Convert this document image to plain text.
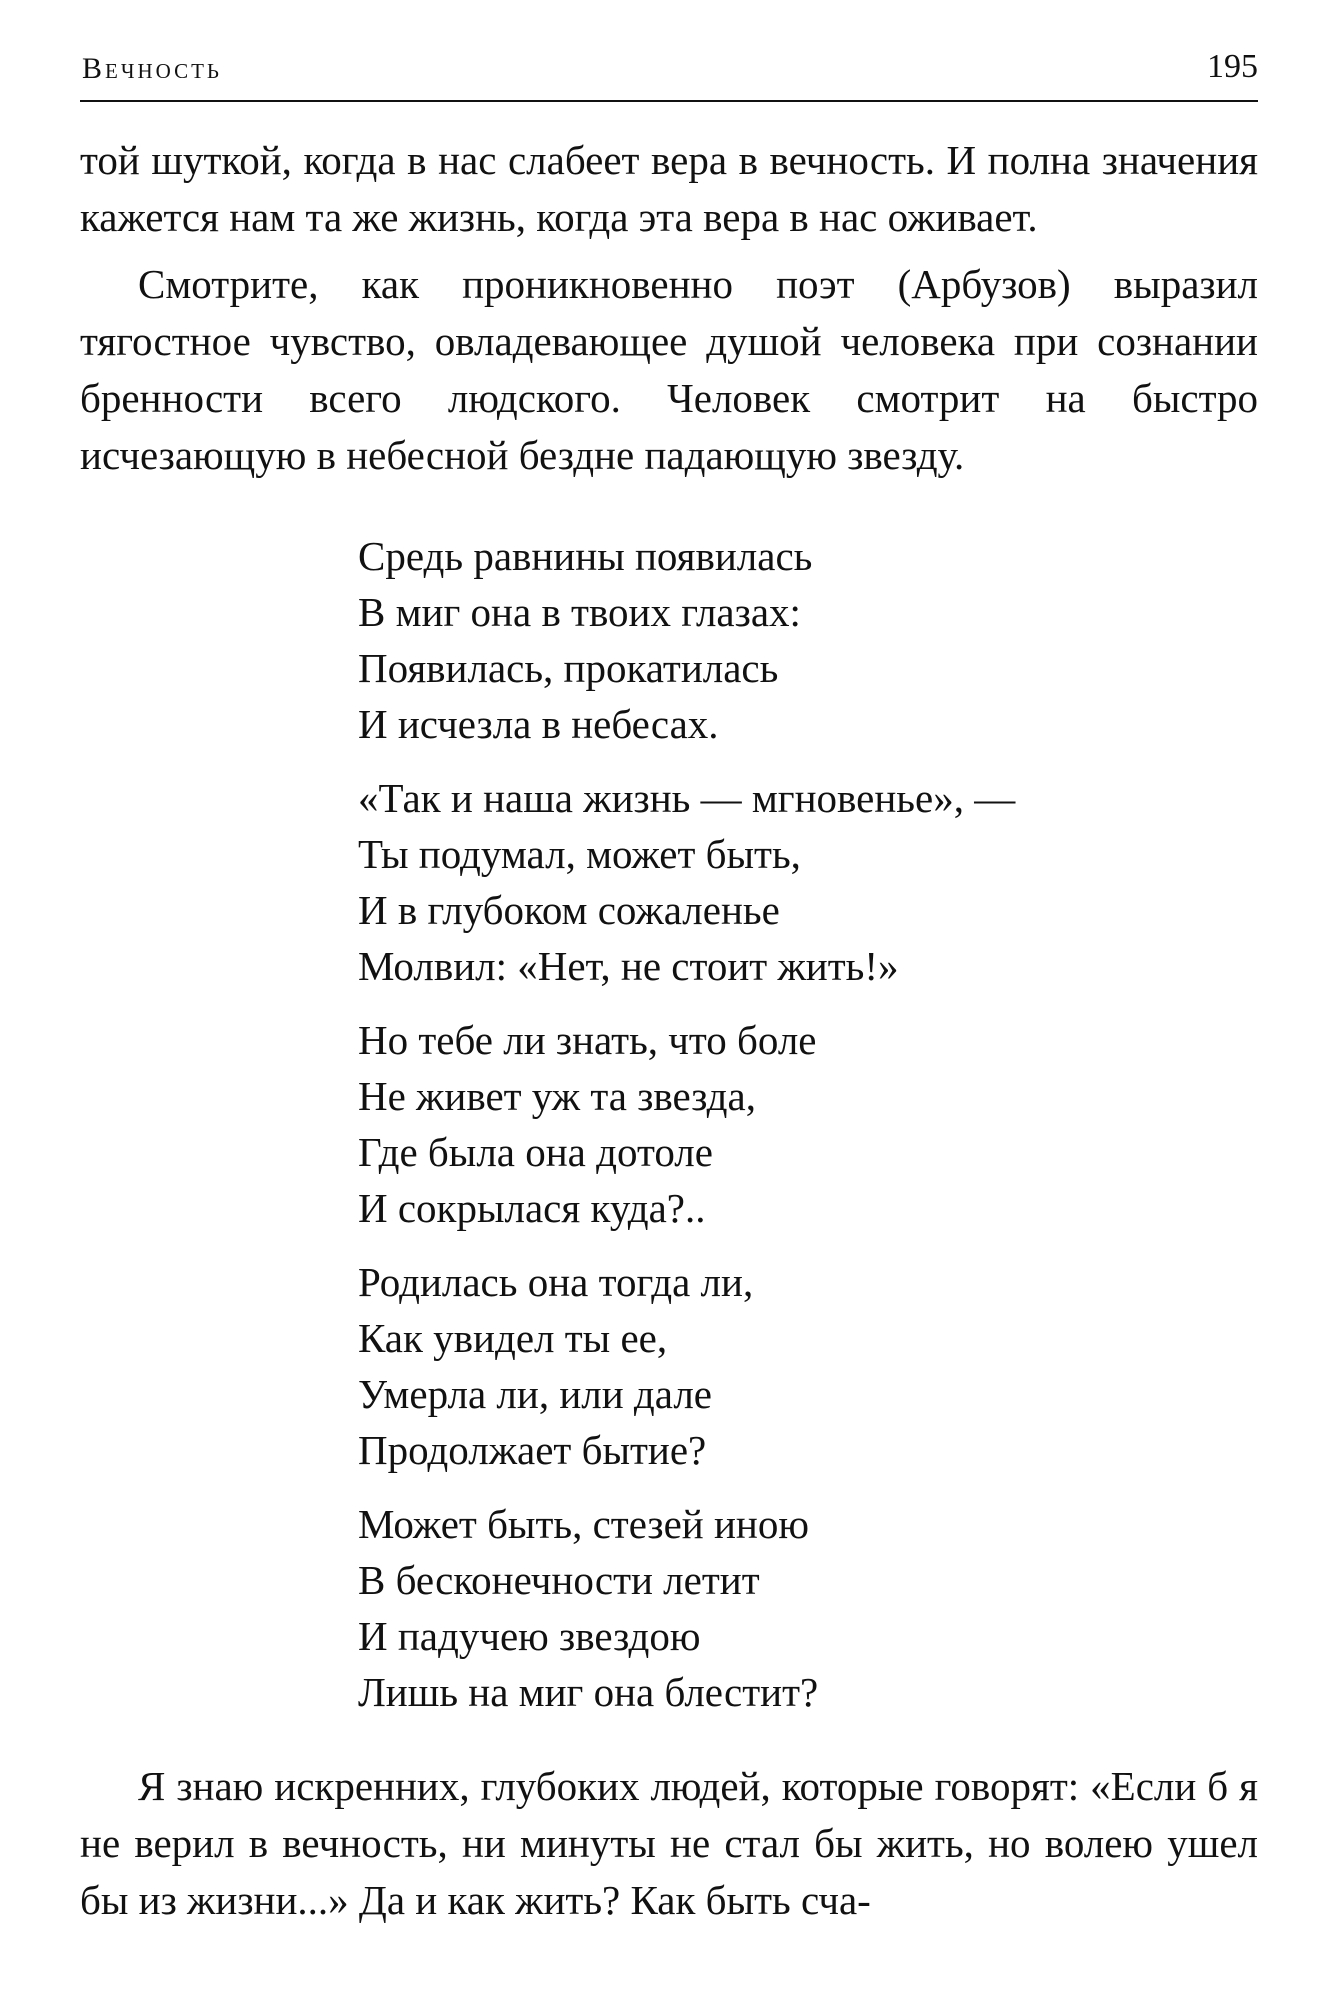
Вечность	195

той шуткой, когда в нас слабеет вера в вечность. И полна значения кажется нам та же жизнь, когда эта вера в нас оживает.

Смотрите, как проникновенно поэт (Арбузов) выразил тягостное чувство, овладевающее душой человека при сознании бренности всего людского. Человек смотрит на быстро исчезающую в небесной бездне падающую звезду.

Средь равнины появилась
В миг она в твоих глазах:
Появилась, прокатилась
И исчезла в небесах.

«Так и наша жизнь — мгновенье», —
Ты подумал, может быть,
И в глубоком сожаленье
Молвил: «Нет, не стоит жить!»

Но тебе ли знать, что боле
Не живет уж та звезда,
Где была она дотоле
И сокрылася куда?..

Родилась она тогда ли,
Как увидел ты ее,
Умерла ли, или дале
Продолжает бытие?

Может быть, стезей иною
В бесконечности летит
И падучею звездою
Лишь на миг она блестит?

Я знаю искренних, глубоких людей, которые говорят: «Если б я не верил в вечность, ни минуты не стал бы жить, но волею ушел бы из жизни...» Да и как жить? Как быть сча-
